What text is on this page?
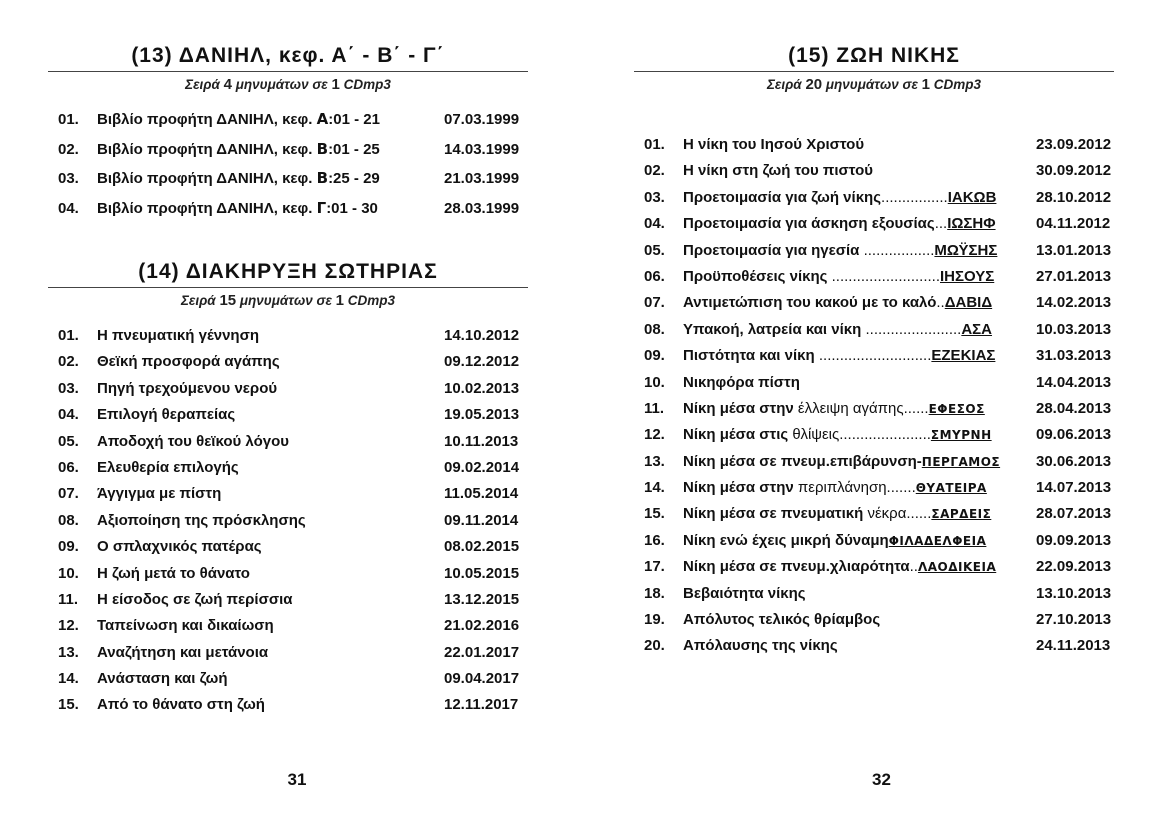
(13) ΔΑΝΙΗΛ, κεφ. Α΄ - Β΄ - Γ΄
Σειρά 4 μηνυμάτων σε 1 CDmp3
01. Βιβλίο προφήτη ΔΑΝΙΗΛ, κεφ. Α:01 - 21	07.03.1999
02. Βιβλίο προφήτη ΔΑΝΙΗΛ, κεφ. Β:01 - 25	14.03.1999
03. Βιβλίο προφήτη ΔΑΝΙΗΛ, κεφ. Β:25 - 29	21.03.1999
04. Βιβλίο προφήτη ΔΑΝΙΗΛ, κεφ. Γ:01 - 30	28.03.1999
(14) ΔΙΑΚΗΡΥΞΗ ΣΩΤΗΡΙΑΣ
Σειρά 15 μηνυμάτων σε 1 CDmp3
01. Η πνευματική γέννηση	14.10.2012
02. Θεϊκή προσφορά αγάπης	09.12.2012
03. Πηγή τρεχούμενου νερού	10.02.2013
04. Επιλογή θεραπείας	19.05.2013
05. Αποδοχή του θεϊκού λόγου	10.11.2013
06. Ελευθερία επιλογής	09.02.2014
07. Άγγιγμα με πίστη	11.05.2014
08. Αξιοποίηση της πρόσκλησης	09.11.2014
09. Ο σπλαχνικός πατέρας	08.02.2015
10. Η ζωή μετά το θάνατο	10.05.2015
11. Η είσοδος σε ζωή περίσσια	13.12.2015
12. Ταπείνωση και δικαίωση	21.02.2016
13. Αναζήτηση και μετάνοια	22.01.2017
14. Ανάσταση και ζωή	09.04.2017
15. Από το θάνατο στη ζωή	12.11.2017
31
(15) ΖΩΗ ΝΙΚΗΣ
Σειρά 20 μηνυμάτων σε 1 CDmp3
01. Η νίκη του Ιησού Χριστού	23.09.2012
02. Η νίκη στη ζωή του πιστού	30.09.2012
03. Προετοιμασία για ζωή νίκης................ΙΑΚΩΒ	28.10.2012
04. Προετοιμασία για άσκηση εξουσίας...ΙΩΣΗΦ	04.11.2012
05. Προετοιμασία για ηγεσία .................ΜΩΫΣΗΣ	13.01.2013
06. Προϋποθέσεις νίκης ..........................ΙΗΣΟΥΣ	27.01.2013
07. Αντιμετώπιση του κακού με το καλό..ΔΑΒΙΔ	14.02.2013
08. Υπακοή, λατρεία και νίκη .......................ΑΣΑ	10.03.2013
09. Πιστότητα και νίκη ...........................ΕΖΕΚΙΑΣ	31.03.2013
10. Νικηφόρα πίστη	14.04.2013
11. Νίκη μέσα στην έλλειψη αγάπης......ΕΦΕΣΟΣ	28.04.2013
12. Νίκη μέσα στις θλίψεις......................ΣΜΥΡΝΗ	09.06.2013
13. Νίκη μέσα σε πνευμ.επιβάρυνση-ΠΕΡΓΑΜΟΣ 30.06.2013
14. Νίκη μέσα στην περιπλάνηση.......ΘΥΑΤΕΙΡΑ	14.07.2013
15. Νίκη μέσα σε πνευματική νέκρα......ΣΑΡΔΕΙΣ	28.07.2013
16. Νίκη ενώ έχεις μικρή δύναμηΦΙΛΑΔΕΛΦΕΙΑ	09.09.2013
17. Νίκη μέσα σε πνευμ.χλιαρότητα..ΛΑΟΔΙΚΕΙΑ	22.09.2013
18. Βεβαιότητα νίκης	13.10.2013
19. Απόλυτος τελικός θρίαμβος	27.10.2013
20. Απόλαυσης της νίκης	24.11.2013
32
